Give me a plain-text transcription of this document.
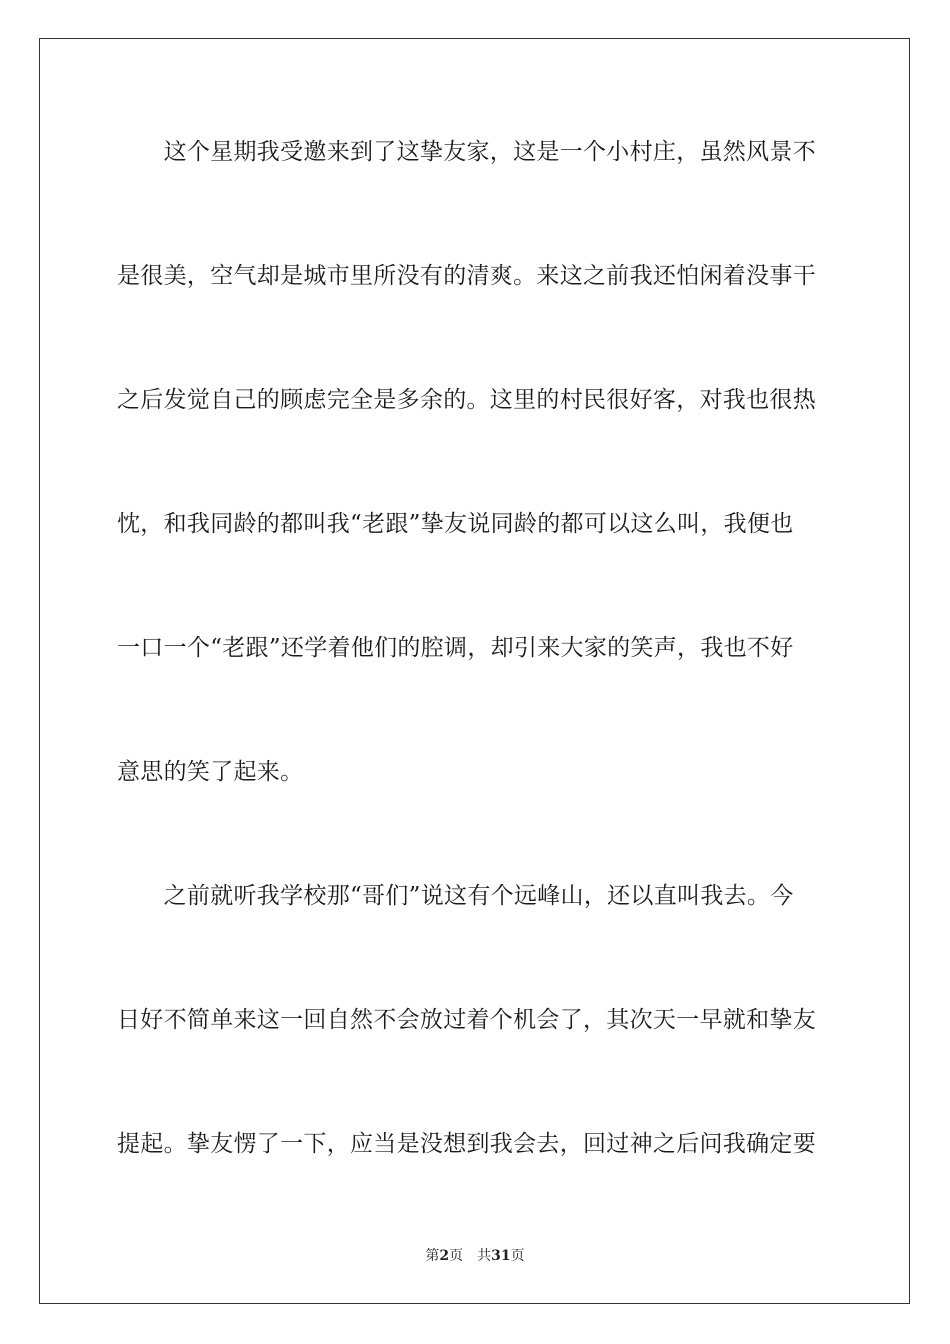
　　这个星期我受邀来到了这挚友家，这是一个小村庄，虽然风景不
是很美，空气却是城市里所没有的清爽。来这之前我还怕闲着没事干
之后发觉自己的顾虑完全是多余的。这里的村民很好客，对我也很热
忱，和我同龄的都叫我“老跟”挚友说同龄的都可以这么叫，我便也
一口一个“老跟”还学着他们的腔调，却引来大家的笑声，我也不好
意思的笑了起来。
　　之前就听我学校那“哥们”说这有个远峰山，还以直叫我去。今
日好不简单来这一回自然不会放过着个机会了，其次天一早就和挚友
提起。挚友愣了一下，应当是没想到我会去，回过神之后问我确定要
第2页 共31页
